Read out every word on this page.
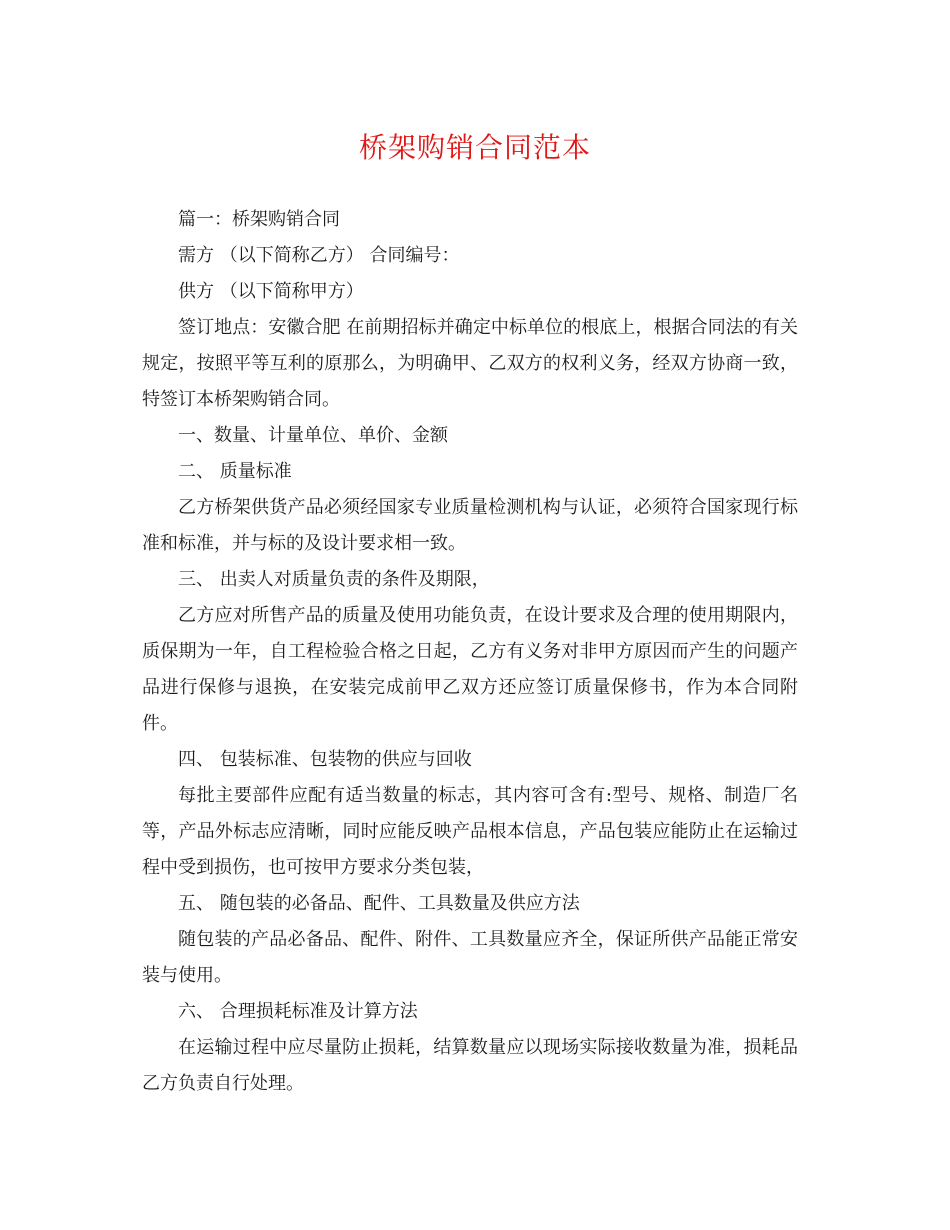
桥架购销合同范本

篇一：桥架购销合同

需方 （以下简称乙方） 合同编号：

供方 （以下简称甲方）

签订地点：安徽合肥 在前期招标并确定中标单位的根底上，根据合同法的有关规定，按照平等互利的原那么，为明确甲、乙双方的权利义务，经双方协商一致，特签订本桥架购销合同。

一、数量、计量单位、单价、金额

二、 质量标准

乙方桥架供货产品必须经国家专业质量检测机构与认证，必须符合国家现行标准和标准，并与标的及设计要求相一致。

三、 出卖人对质量负责的条件及期限，

乙方应对所售产品的质量及使用功能负责，在设计要求及合理的使用期限内，质保期为一年，自工程检验合格之日起，乙方有义务对非甲方原因而产生的问题产品进行保修与退换，在安装完成前甲乙双方还应签订质量保修书，作为本合同附件。

四、 包装标准、包装物的供应与回收

每批主要部件应配有适当数量的标志，其内容可含有:型号、规格、制造厂名等，产品外标志应清晰，同时应能反映产品根本信息，产品包装应能防止在运输过程中受到损伤，也可按甲方要求分类包装，

五、 随包装的必备品、配件、工具数量及供应方法

随包装的产品必备品、配件、附件、工具数量应齐全，保证所供产品能正常安装与使用。

六、 合理损耗标准及计算方法

在运输过程中应尽量防止损耗，结算数量应以现场实际接收数量为准，损耗品乙方负责自行处理。
